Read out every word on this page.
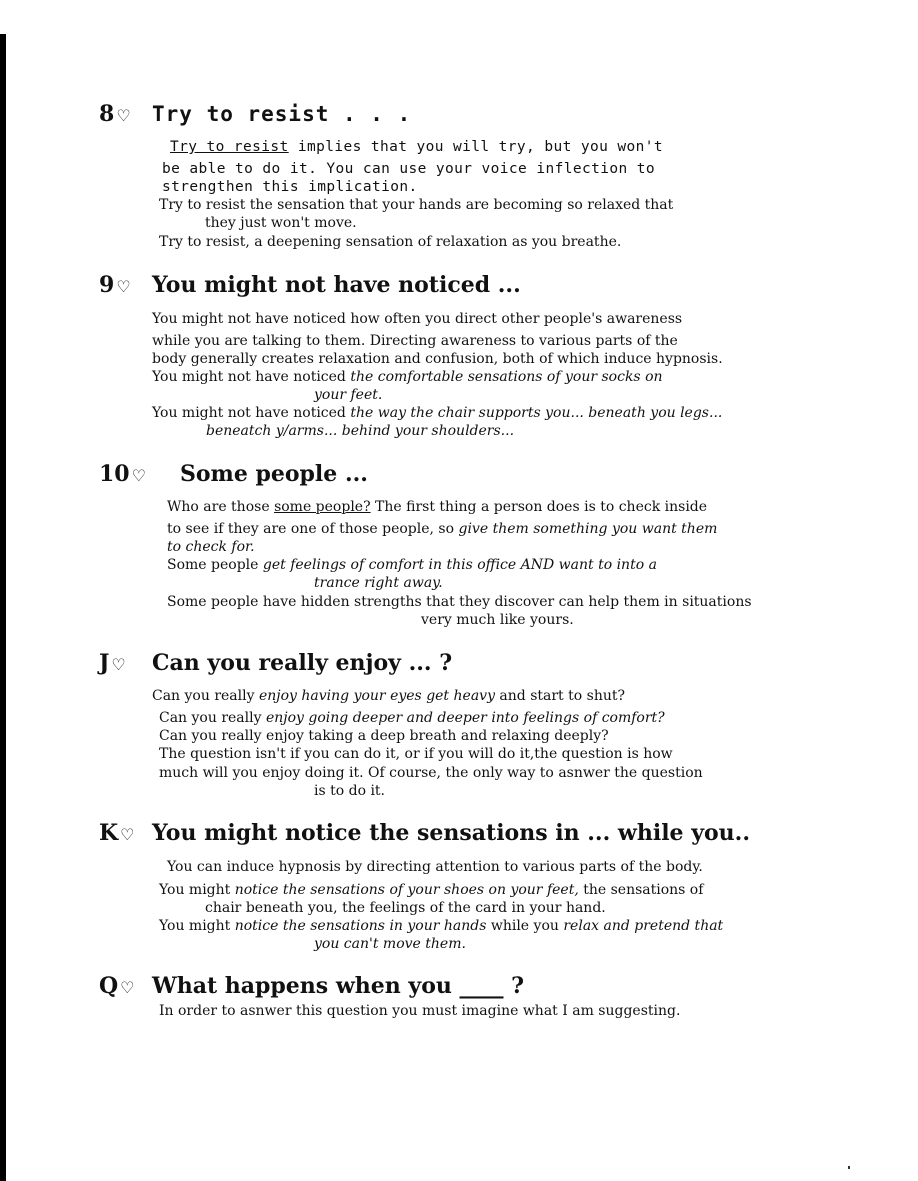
8 ♡ Try to resist . . .
Try to resist implies that you will try, but you won't
be able to do it. You can use your voice inflection to
strengthen this implication.
Try to resist the sensation that your hands are becoming so relaxed that
they just won't move.
Try to resist, a deepening sensation of relaxation as you breathe.
9 ♡ You might not have noticed ...
You might not have noticed how often you direct other people's awareness
while you are talking to them. Directing awareness to various parts of the
body generally creates relaxation and confusion, both of which induce hypnosis.
You might not have noticed the comfortable sensations of your socks on
your feet.
You might not have noticed the way the chair supports you... beneath you legs...
beneatch y/arms... behind your shoulders...
10 ♡ Some people ...
Who are those some people? The first thing a person does is to check inside
to see if they are one of those people, so give them something you want them
to check for.
Some people get feelings of comfort in this office AND want to into a
trance right away.
Some people have hidden strengths that they discover can help them in situations
very much like yours.
J ♡ Can you really enjoy ... ?
Can you really enjoy having your eyes get heavy and start to shut?
Can you really enjoy going deeper and deeper into feelings of comfort?
Can you really enjoy taking a deep breath and relaxing deeply?
The question isn't if you can do it, or if you will do it,the question is how
much will you enjoy doing it. Of course, the only way to asnwer the question
is to do it.
K ♡ You might notice the sensations in ... while you..
You can induce hypnosis by directing attention to various parts of the body.
You might notice the sensations of your shoes on your feet, the sensations of
chair beneath you, the feelings of the card in your hand.
You might notice the sensations in your hands while you relax and pretend that
you can't move them.
Q ♡ What happens when you ____ ?
In order to asnwer this question you must imagine what I am suggesting.
